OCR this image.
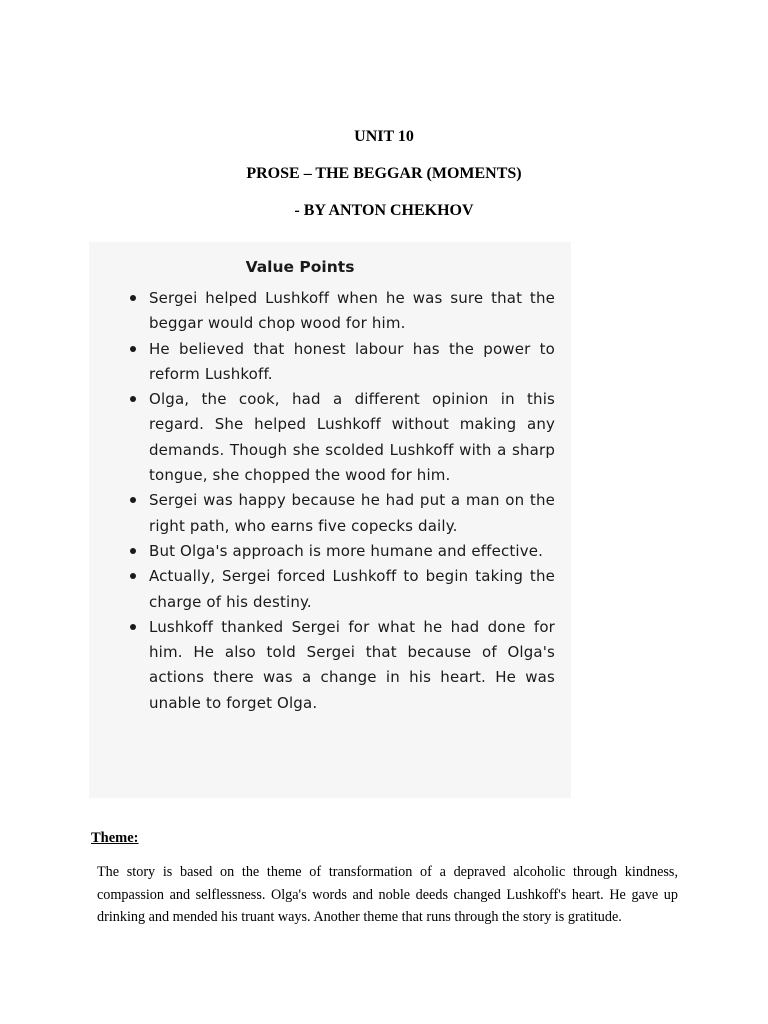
UNIT 10
PROSE – THE BEGGAR (MOMENTS)
- BY ANTON CHEKHOV
Value Points
Sergei helped Lushkoff when he was sure that the beggar would chop wood for him.
He believed that honest labour has the power to reform Lushkoff.
Olga, the cook, had a different opinion in this regard. She helped Lushkoff without making any demands. Though she scolded Lushkoff with a sharp tongue, she chopped the wood for him.
Sergei was happy because he had put a man on the right path, who earns five copecks daily.
But Olga's approach is more humane and effective.
Actually, Sergei forced Lushkoff to begin taking the charge of his destiny.
Lushkoff thanked Sergei for what he had done for him. He also told Sergei that because of Olga's actions there was a change in his heart. He was unable to forget Olga.
Theme:

The story is based on the theme of transformation of a depraved alcoholic through kindness, compassion and selflessness. Olga's words and noble deeds changed Lushkoff's heart. He gave up drinking and mended his truant ways. Another theme that runs through the story is gratitude.
